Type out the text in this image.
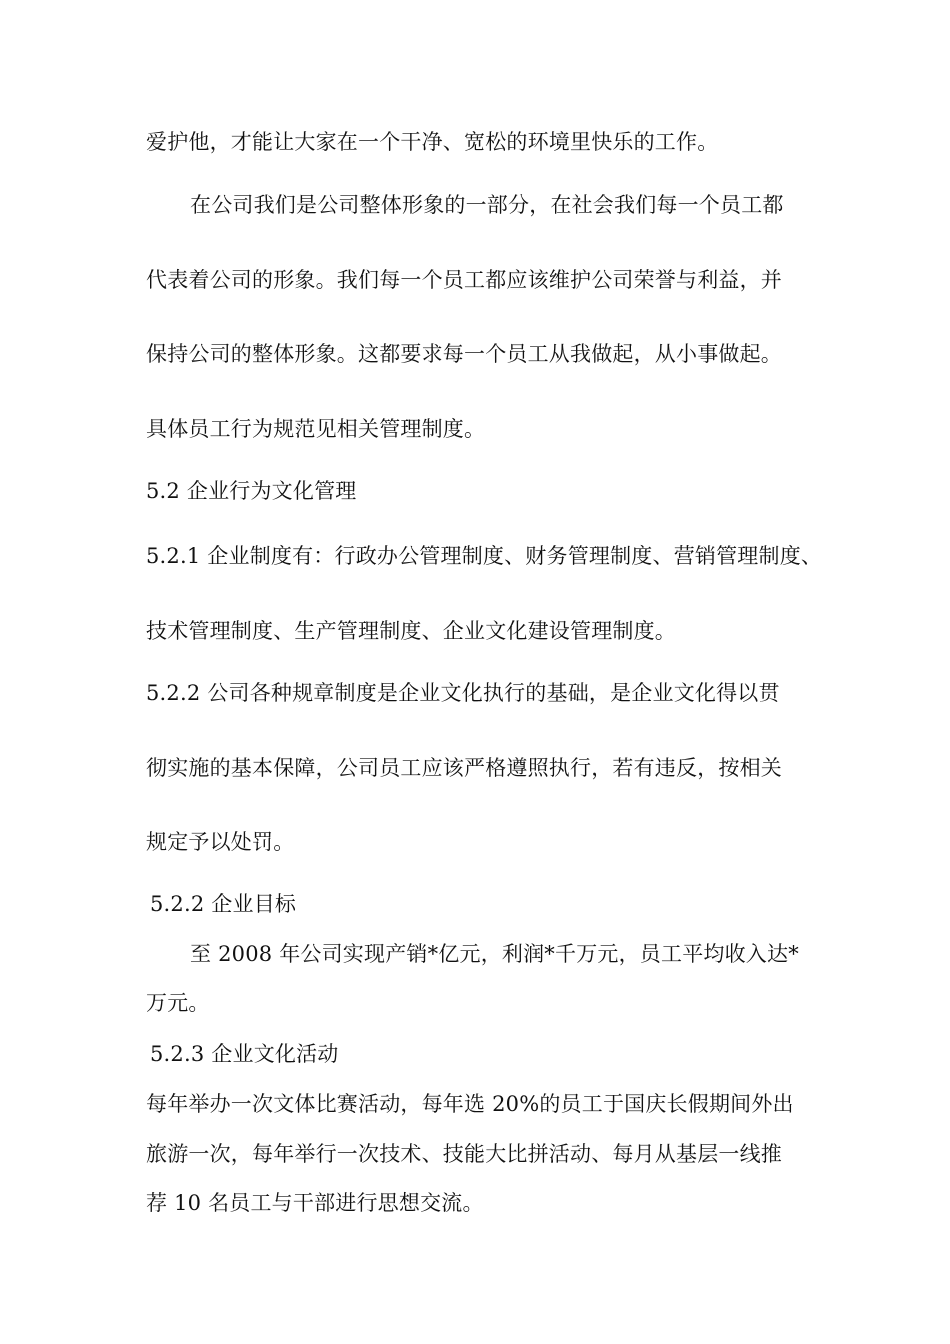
爱护他，才能让大家在一个干净、宽松的环境里快乐的工作。
在公司我们是公司整体形象的一部分，在社会我们每一个员工都
代表着公司的形象。我们每一个员工都应该维护公司荣誉与利益，并
保持公司的整体形象。这都要求每一个员工从我做起，从小事做起。
具体员工行为规范见相关管理制度。
5.2 企业行为文化管理
5.2.1 企业制度有：行政办公管理制度、财务管理制度、营销管理制度、
技术管理制度、生产管理制度、企业文化建设管理制度。
5.2.2 公司各种规章制度是企业文化执行的基础，是企业文化得以贯
彻实施的基本保障，公司员工应该严格遵照执行，若有违反，按相关
规定予以处罚。
5.2.2 企业目标
至 2008 年公司实现产销*亿元，利润*千万元，员工平均收入达*
万元。
5.2.3 企业文化活动
每年举办一次文体比赛活动，每年选 20%的员工于国庆长假期间外出
旅游一次，每年举行一次技术、技能大比拼活动、每月从基层一线推
荐 10 名员工与干部进行思想交流。
